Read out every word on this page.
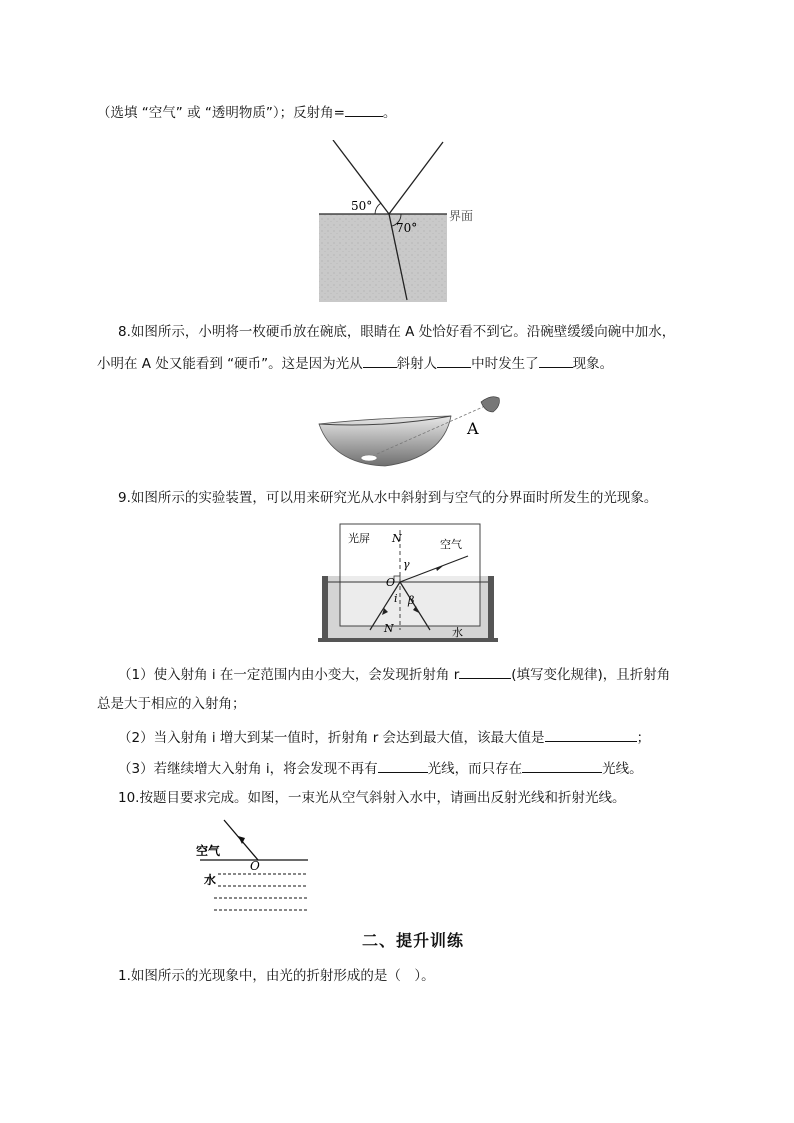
（选填 “空气” 或 “透明物质”）；反射角=	。
50°
70°
界面
8.如图所示，小明将一枚硬币放在碗底，眼睛在 A 处恰好看不到它。沿碗壁缓缓向碗中加水，
小明在 A 处又能看到 “硬币”。这是因为光从	斜射人	中时发生了	现象。
A
9.如图所示的实验装置，可以用来研究光从水中斜射到与空气的分界面时所发生的光现象。
光屏	空气
水
N
N
O
γ
i β
（1）使入射角 i 在一定范围内由小变大，会发现折射角 r	(填写变化规律)，且折射角
总是大于相应的入射角；
（2）当入射角 i 增大到某一值时，折射角 r 会达到最大值，该最大值是	；
（3）若继续增大入射角 i，将会发现不再有	光线，而只存在	光线。
10.按题目要求完成。如图，一束光从空气斜射入水中，请画出反射光线和折射光线。
空气
水
O
二、提升训练
1.如图所示的光现象中，由光的折射形成的是（　）。
